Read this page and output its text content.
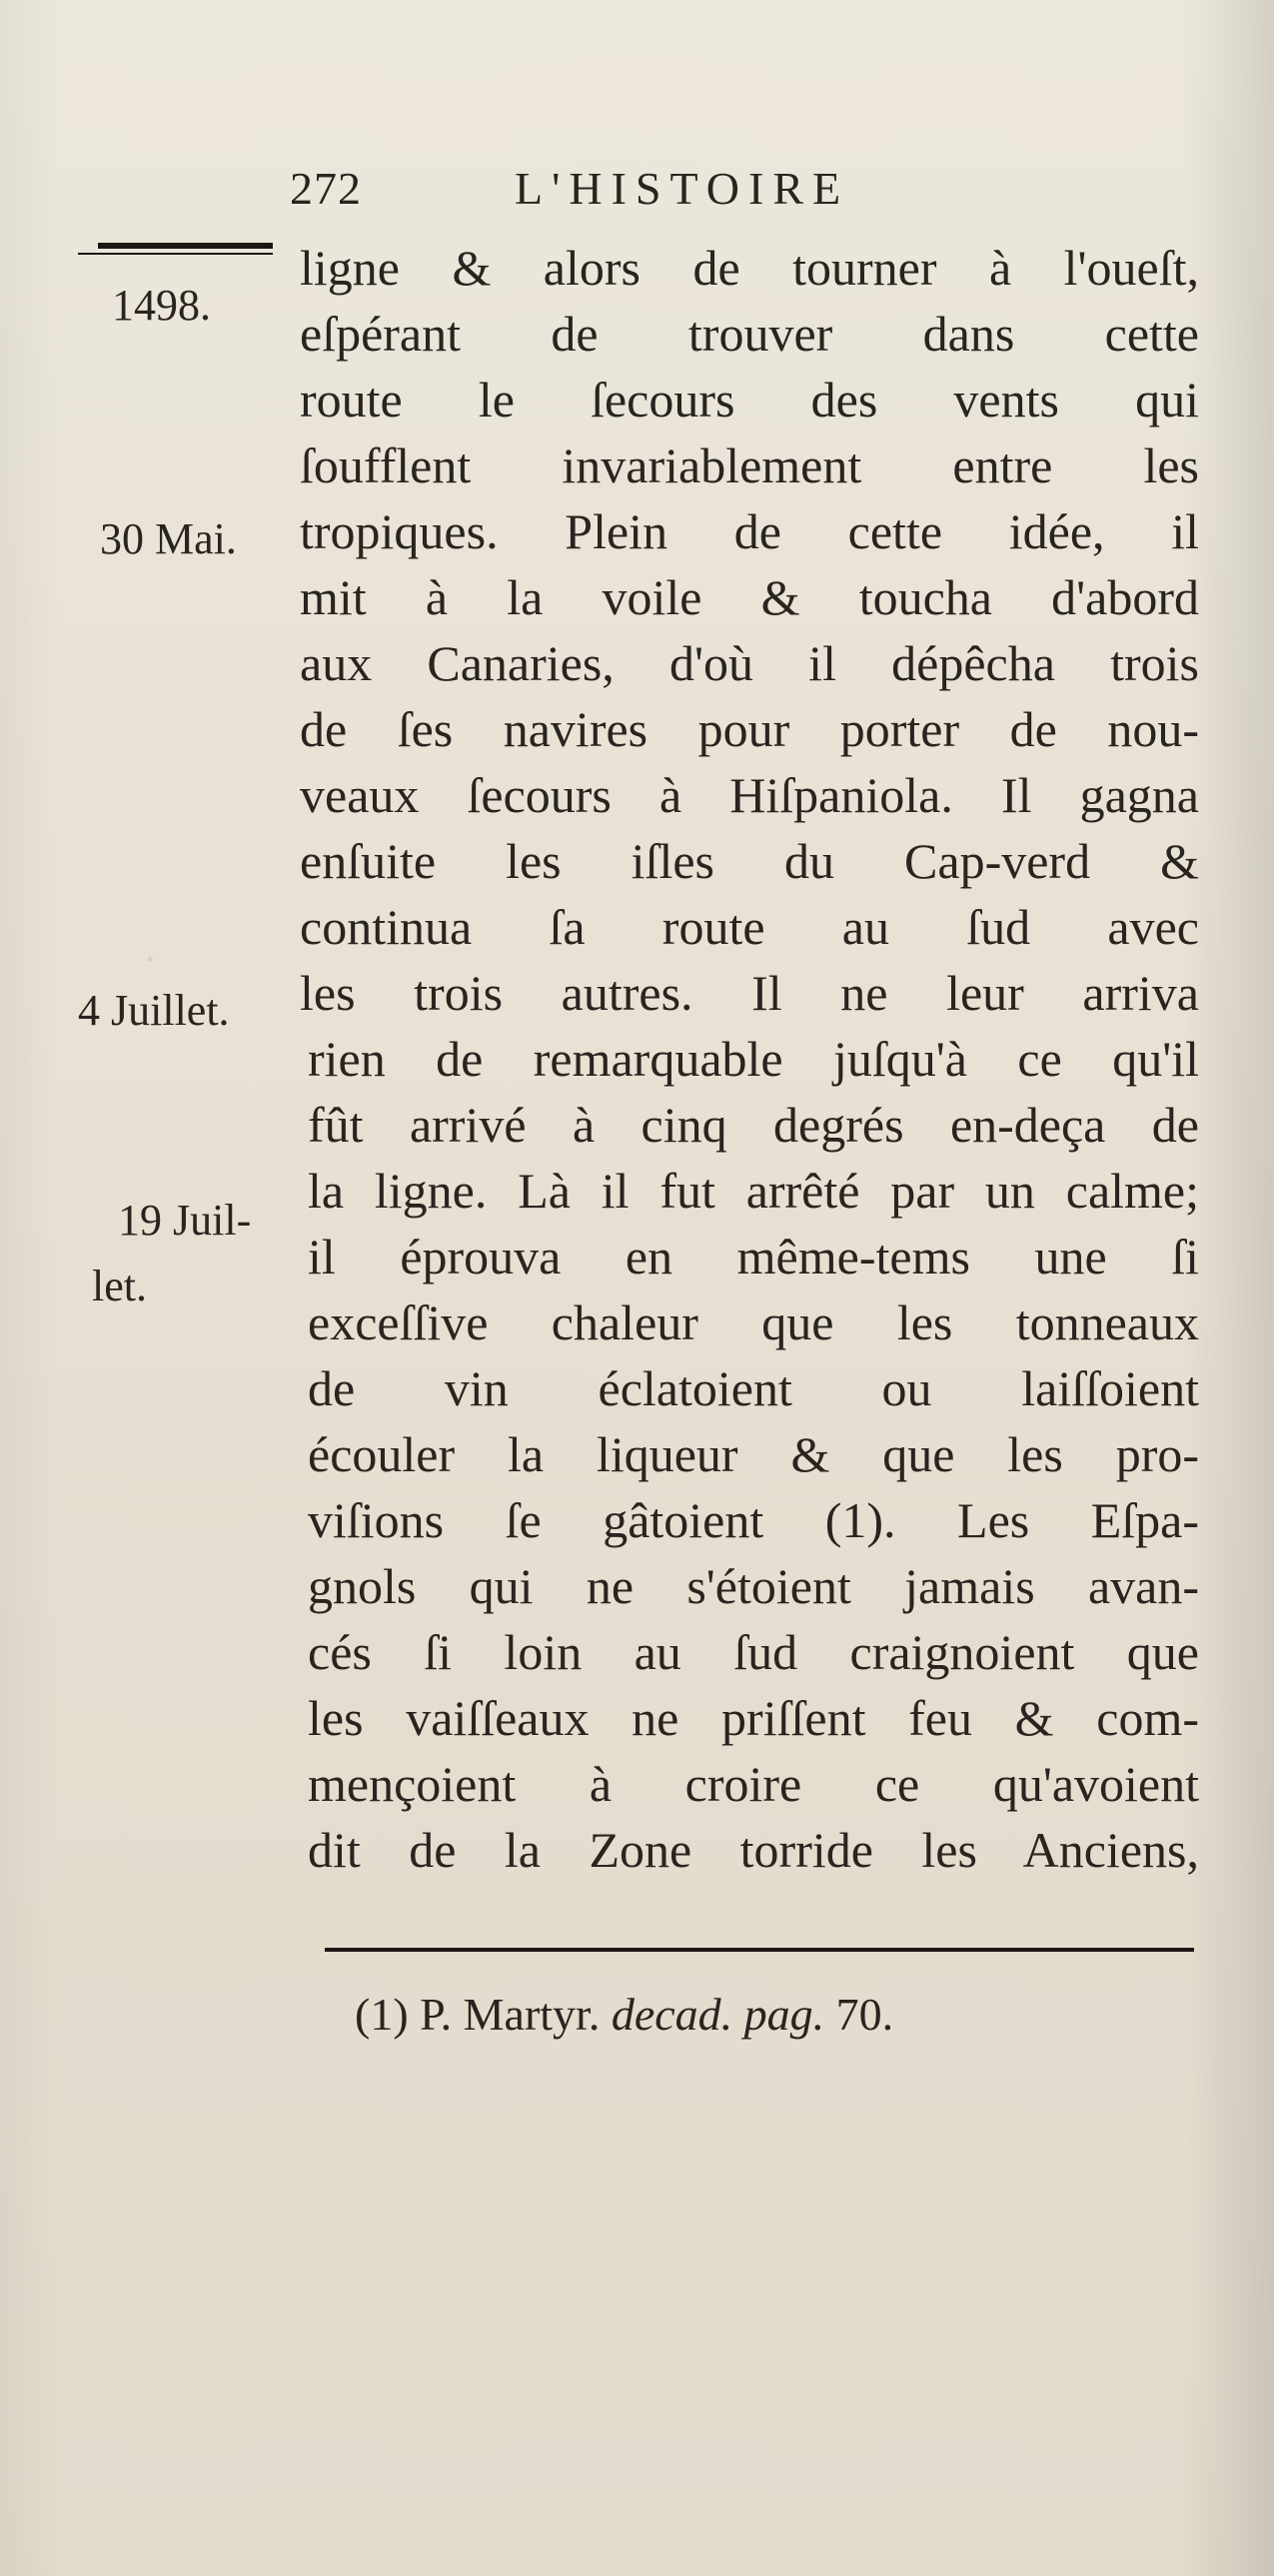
272	L'HISTOIRE
1498.
30 Mai.
4 Juillet.
19 Juil-
let.
.
ligne & alors de tourner à l'oueſt,
eſpérant de trouver dans cette
route le ſecours des vents qui
ſoufflent invariablement entre les
tropiques. Plein de cette idée, il
mit à la voile & toucha d'abord
aux Canaries, d'où il dépêcha trois
de ſes navires pour porter de nou-
veaux ſecours à Hiſpaniola. Il gagna
enſuite les iſles du Cap-verd &
continua ſa route au ſud avec
les trois autres. Il ne leur arriva
rien de remarquable juſqu'à ce qu'il
fût arrivé à cinq degrés en-deça de
la ligne. Là il fut arrêté par un calme;
il éprouva en même-tems une ſi
exceſſive chaleur que les tonneaux
de vin éclatoient ou laiſſoient
écouler la liqueur & que les pro-
viſions ſe gâtoient (1). Les Eſpa-
gnols qui ne s'étoient jamais avan-
cés ſi loin au ſud craignoient que
les vaiſſeaux ne priſſent feu & com-
mençoient à croire ce qu'avoient
dit de la Zone torride les Anciens,
(1) P. Martyr. decad. pag. 70.
